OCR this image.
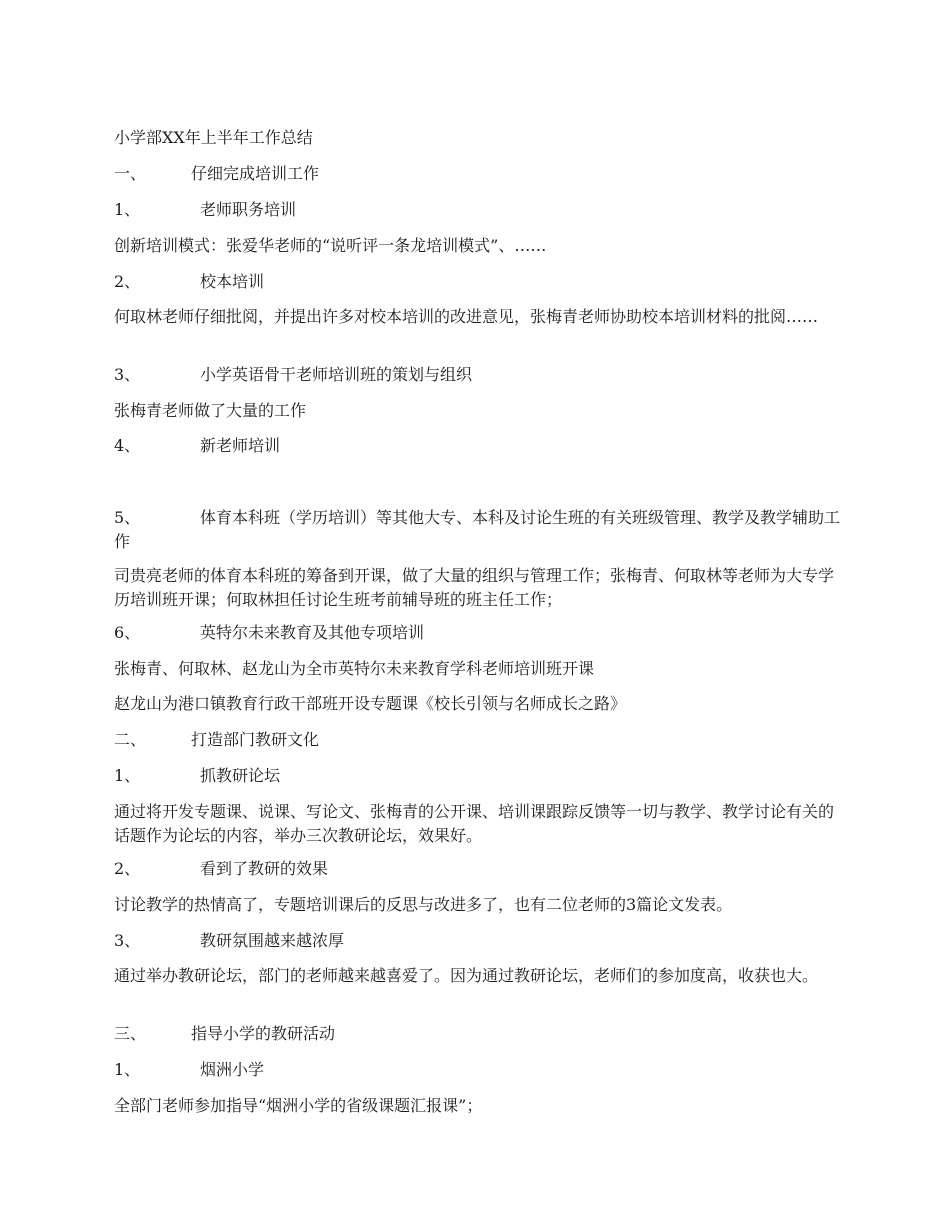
小学部XX年上半年工作总结
一、	仔细完成培训工作
1、	老师职务培训
创新培训模式：张爱华老师的“说听评一条龙培训模式”、……
2、	校本培训
何取林老师仔细批阅，并提出许多对校本培训的改进意见，张梅青老师协助校本培训材料的批阅……
3、	小学英语骨干老师培训班的策划与组织
张梅青老师做了大量的工作
4、	新老师培训
5、	体育本科班（学历培训）等其他大专、本科及讨论生班的有关班级管理、教学及教学辅助工作
司贵亮老师的体育本科班的筹备到开课，做了大量的组织与管理工作；张梅青、何取林等老师为大专学历培训班开课；何取林担任讨论生班考前辅导班的班主任工作；
6、	英特尔未来教育及其他专项培训
张梅青、何取林、赵龙山为全市英特尔未来教育学科老师培训班开课
赵龙山为港口镇教育行政干部班开设专题课《校长引领与名师成长之路》
二、	打造部门教研文化
1、	抓教研论坛
通过将开发专题课、说课、写论文、张梅青的公开课、培训课跟踪反馈等一切与教学、教学讨论有关的话题作为论坛的内容，举办三次教研论坛，效果好。
2、	看到了教研的效果
讨论教学的热情高了，专题培训课后的反思与改进多了，也有二位老师的3篇论文发表。
3、	教研氛围越来越浓厚
通过举办教研论坛，部门的老师越来越喜爱了。因为通过教研论坛，老师们的参加度高，收获也大。
三、	指导小学的教研活动
1、	烟洲小学
全部门老师参加指导“烟洲小学的省级课题汇报课”；
